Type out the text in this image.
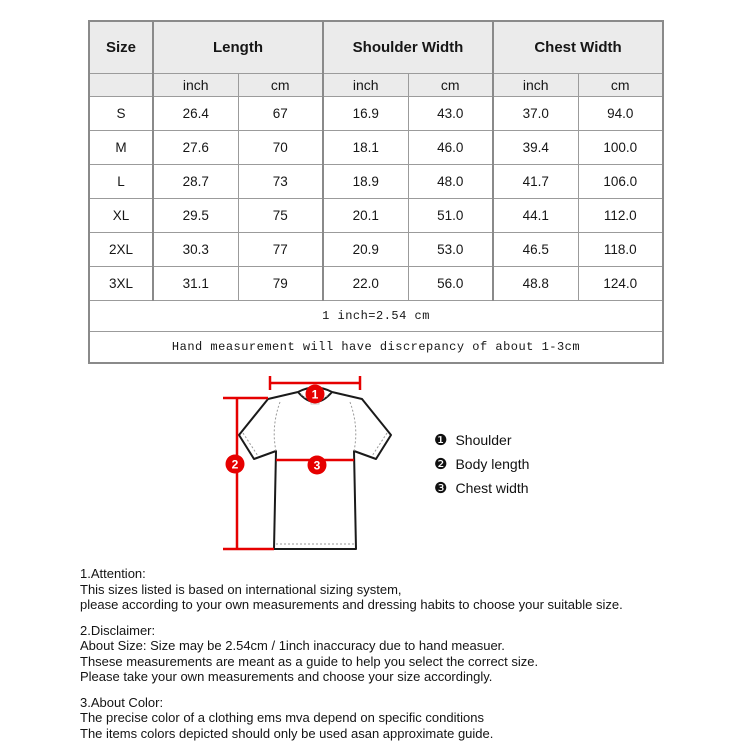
Size	Length		Shoulder Width		Chest Width	
	inch	cm	inch	cm	inch	cm
S	26.4	67	16.9	43.0	37.0	94.0
M	27.6	70	18.1	46.0	39.4	100.0
L	28.7	73	18.9	48.0	41.7	106.0
XL	29.5	75	20.1	51.0	44.1	112.0
2XL	30.3	77	20.9	53.0	46.5	118.0
3XL	31.1	79	22.0	56.0	48.8	124.0
1 inch=2.54 cm						
Hand measurement will have discrepancy of about 1-3cm						
1
2	3
❶ Shoulder
❷ Body length
❸ Chest width
1.Attention:
This sizes listed is based on international sizing system,
please according to your own measurements and dressing habits to choose your suitable size.
2.Disclaimer:
About Size: Size may be 2.54cm / 1inch inaccuracy due to hand measuer.
Thsese measurements are meant as a guide to help you select the correct size.
Please take your own measurements and choose your size accordingly.
3.About Color:
The precise color of a clothing ems mva depend on specific conditions
The items colors depicted should only be used asan approximate guide.
